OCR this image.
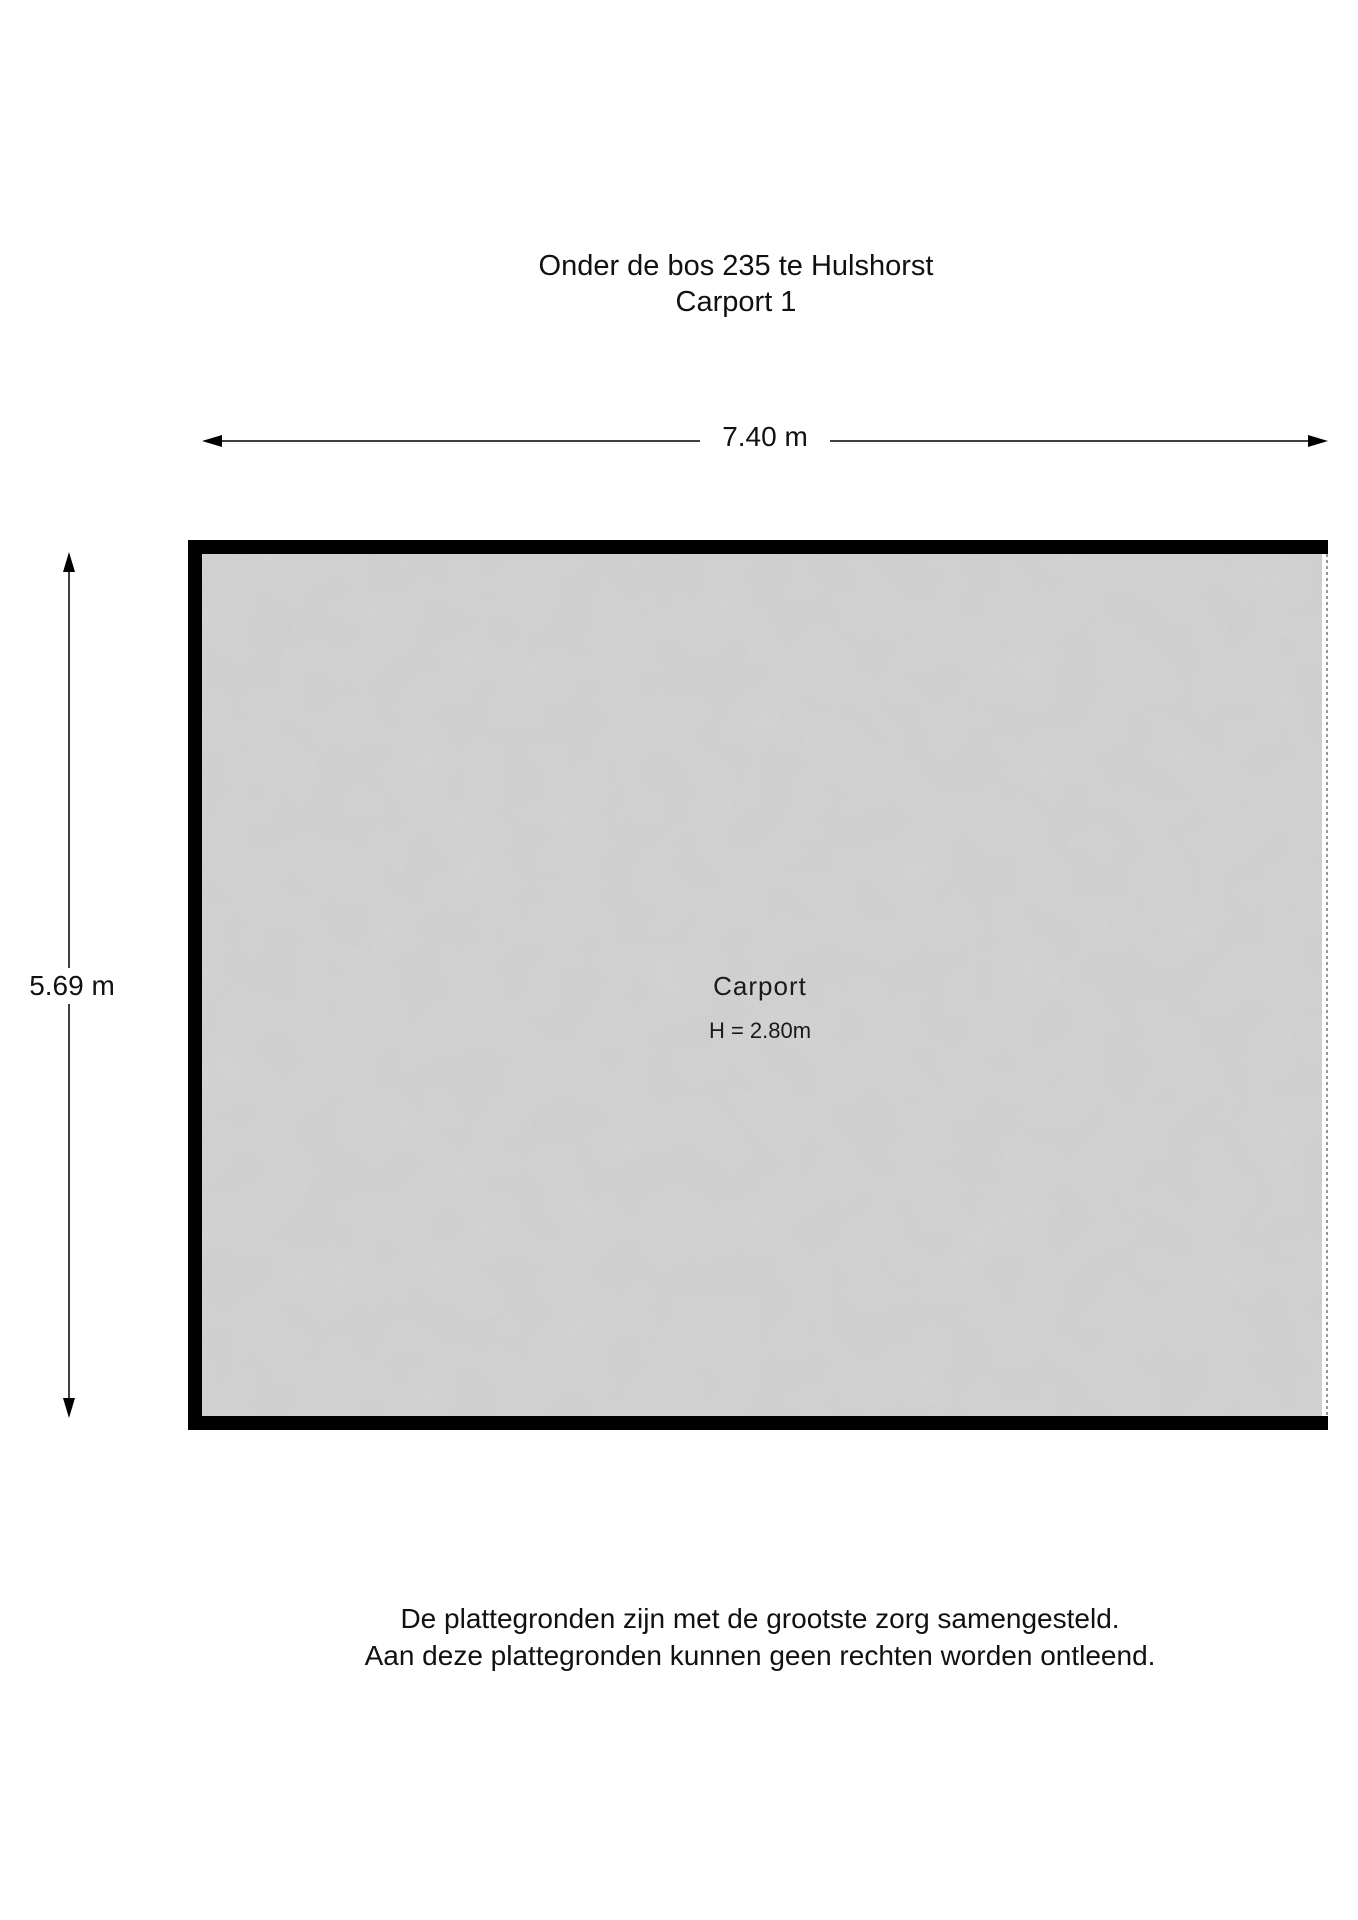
Onder de bos 235 te Hulshorst
Carport 1
7.40 m
5.69 m	Carport
H = 2.80m
De plattegronden zijn met de grootste zorg samengesteld.
Aan deze plattegronden kunnen geen rechten worden ontleend.
